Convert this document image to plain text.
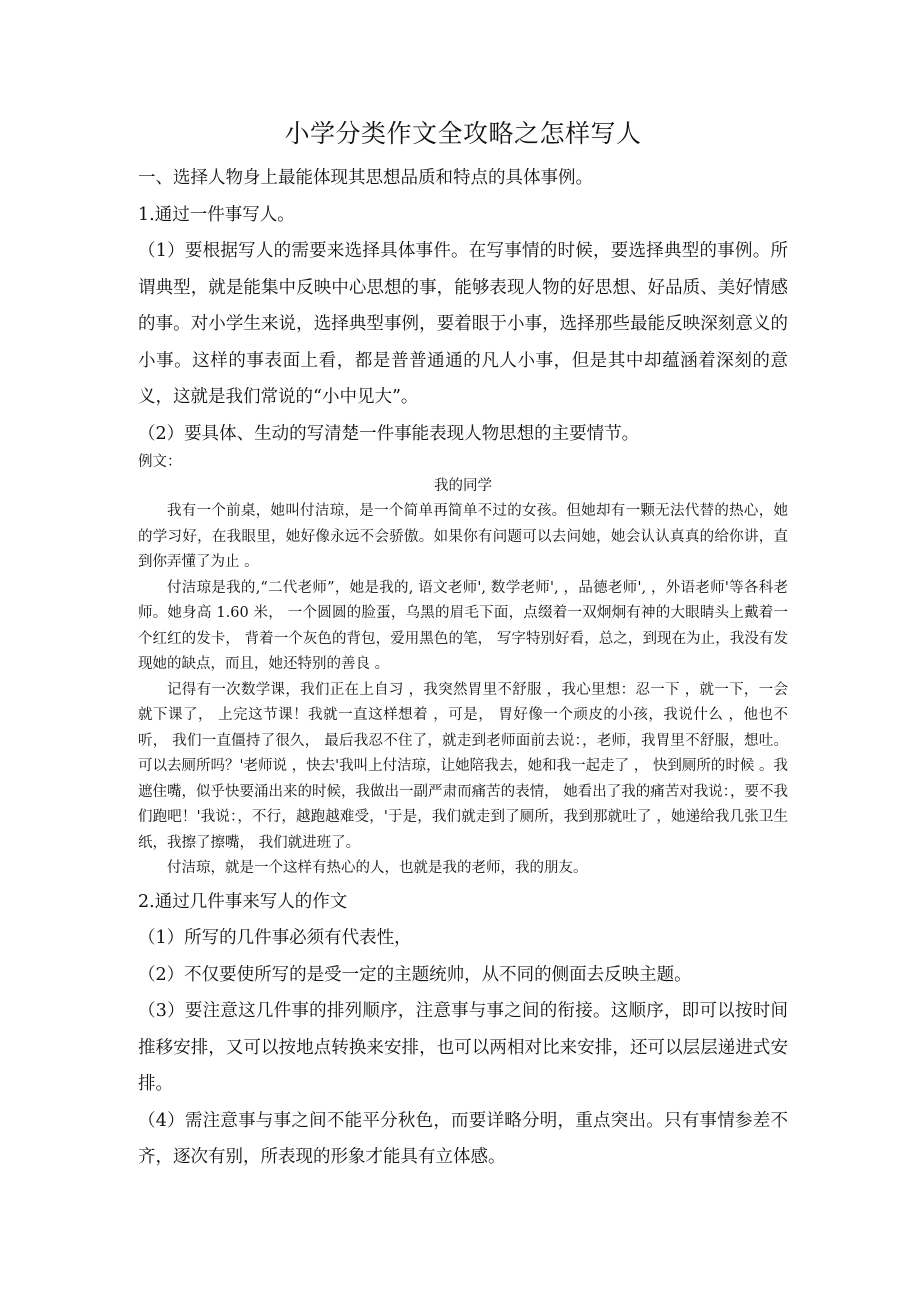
小学分类作文全攻略之怎样写人

一、选择人物身上最能体现其思想品质和特点的具体事例。

1.通过一件事写人。

（1）要根据写人的需要来选择具体事件。在写事情的时候，要选择典型的事例。所谓典型，就是能集中反映中心思想的事，能够表现人物的好思想、好品质、美好情感的事。对小学生来说，选择典型事例，要着眼于小事，选择那些最能反映深刻意义的小事。这样的事表面上看，都是普普通通的凡人小事，但是其中却蕴涵着深刻的意义，这就是我们常说的“小中见大”。

（2）要具体、生动的写清楚一件事能表现人物思想的主要情节。

例文：

我的同学

我有一个前桌，她叫付洁琼，是一个简单再简单不过的女孩。但她却有一颗无法代替的热心，她的学习好，在我眼里，她好像永远不会骄傲。如果你有问题可以去问她，她会认认真真的给你讲，直到你弄懂了为止 。

付洁琼是我的,“二代老师”，她是我的, 语文老师', 数学老师', ，品德老师', ，外语老师'等各科老师。她身高 1.60 米， 一个圆圆的脸蛋，乌黑的眉毛下面，点缀着一双炯炯有神的大眼睛头上戴着一个红红的发卡， 背着一个灰色的背包，爱用黑色的笔， 写字特别好看，总之，到现在为止，我没有发现她的缺点，而且，她还特别的善良 。

记得有一次数学课，我们正在上自习 ，我突然胃里不舒服 ，我心里想：忍一下 ，就一下，一会就下课了， 上完这节课！我就一直这样想着 ，可是， 胃好像一个顽皮的小孩，我说什么 ，他也不听， 我们一直僵持了很久， 最后我忍不住了，就走到老师面前去说：，老师，我胃里不舒服，想吐。可以去厕所吗？'老师说 ，快去'我叫上付洁琼，让她陪我去，她和我一起走了 ， 快到厕所的时候 。我遮住嘴，似乎快要涌出来的时候，我做出一副严肃而痛苦的表情， 她看出了我的痛苦对我说：，要不我们跑吧！'我说：，不行，越跑越难受，'于是，我们就走到了厕所，我到那就吐了 ，她递给我几张卫生纸，我擦了擦嘴， 我们就进班了。

付洁琼，就是一个这样有热心的人，也就是我的老师，我的朋友。

2.通过几件事来写人的作文

（1）所写的几件事必须有代表性，

（2）不仅要使所写的是受一定的主题统帅，从不同的侧面去反映主题。

（3）要注意这几件事的排列顺序，注意事与事之间的衔接。这顺序，即可以按时间推移安排，又可以按地点转换来安排，也可以两相对比来安排，还可以层层递进式安排。

（4）需注意事与事之间不能平分秋色，而要详略分明，重点突出。只有事情参差不齐，逐次有别，所表现的形象才能具有立体感。
